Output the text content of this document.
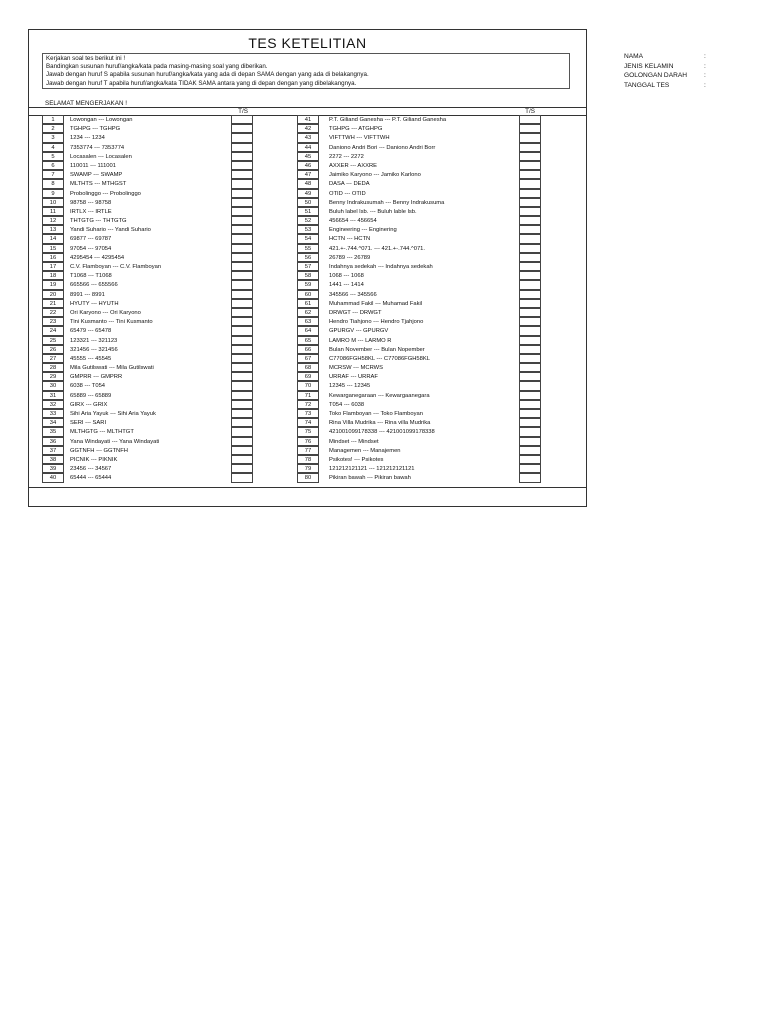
TES KETELITIAN
Kerjakan soal tes berikut ini !
Bandingkan susunan huruf/angka/kata pada masing-masing soal yang diberikan.
Jawab dengan huruf S apabila susunan huruf/angka/kata yang ada di depan SAMA dengan yang ada di belakangnya.
Jawab dengan huruf T apabila huruf/angka/kata TIDAK SAMA antara yang di depan dengan yang dibelakangnya.
SELAMAT MENGERJAKAN !
T/S	T/S
1	Lowongan --- Lowongan	41	P.T. Giliand Ganesha --- P.T. Giliand Ganesha
2	TGHPG --- TGHPG	42	TGHPG --- ATGHPG
3	1234 --- 1234	43	VIFTTWH --- VIFTTWH
4	7353774 --- 7353774	44	Daniono Andri Bori --- Daniono Andri Borr
5	Locasalen --- Locasalen	45	2272 --- 2272
6	110011 --- 111001	46	AXXER --- AXXRE
7	SWAMP --- SWAMP	47	Jaimiko Karyono --- Jamiko Karlono
8	MLTHTS --- MTHGST	48	DASA --- DEDA
9	Probolinggo --- Probolinggo	49	OTID --- OTID
10	98758 --- 98758	50	Benny Indrakusumah --- Benny Indrakusuma
11	IRTLX --- IRTLE	51	Buluh label lsb. --- Buluh lable lsb.
12	THTGTG --- THTGTG	52	456654 --- 456654
13	Yandi Suhario --- Yandi Suhario	53	Engineering --- Enginering
14	69877 --- 69787	54	HCTN --- HCTN
15	97054 --- 97054	55	421.+-.744.^071. --- 421.+-.744.^071.
16	4295454 --- 4295454	56	26789 --- 26789
17	C.V. Flamboyan --- C.V. Flamboyan	57	Indahnya sedekah --- Indahnya sedekah
18	T1068 --- T1068	58	1068 --- 1068
19	665566 --- 655566	59	1441 --- 1414
20	8991 --- 8991	60	345566 --- 345566
21	HYUTY --- HYUTH	61	Muhammad Fakil --- Muhamad Fakil
22	Ori Karyono --- Ori Karyono	62	DRWGT --- DRWGT
23	Tini Kusmanto --- Tini Kusmanto	63	Hendro Tiahjono --- Hendro Tjahjono
24	65479 --- 65478	64	GPURGV --- GPURGV
25	123321 --- 321123	65	LAMRO M --- LARMO R
26	321456 --- 321456	66	Bulan November --- Bulan Nopember
27	45555 --- 45545	67	C77086FGH58KL --- C77086FGH58KL
28	Mila Gutilswati --- Mila Gutilswati	68	MCRSW --- MCRWS
29	GMPRR --- GMPRR	69	URRAF --- URRAF
30	6038 --- T054	70	12345 --- 12345
31	65889 --- 65889	71	Kewarganegaraan --- Kewargaanegara
32	GIRX --- GRIX	72	T054 --- 6038
33	Sihi Aria Yayuk --- Sihi Aria Yayuk	73	Toko Flamboyan --- Toko Flamboyan
34	SERI --- SARI	74	Rina Villa Mudrika --- Rina villa Mudrika
35	MLTHGTG --- MLTHTGT	75	421001099178338 --- 421001099178338
36	Yana Windayati --- Yana Windayati	76	Mindset --- Mindset
37	GGTNFH --- GGTNFH	77	Managemen --- Manajemen
38	PICNIK --- PIKNIK	78	Psikotes! --- Psikotes
39	23456 --- 34567	79	121212121121 --- 121212121121
40	65444 --- 65444	80	Pikiran bawah --- Pikiran bawah
NAMA	:
JENIS KELAMIN	:
GOLONGAN DARAH	:
TANGGAL TES	:
